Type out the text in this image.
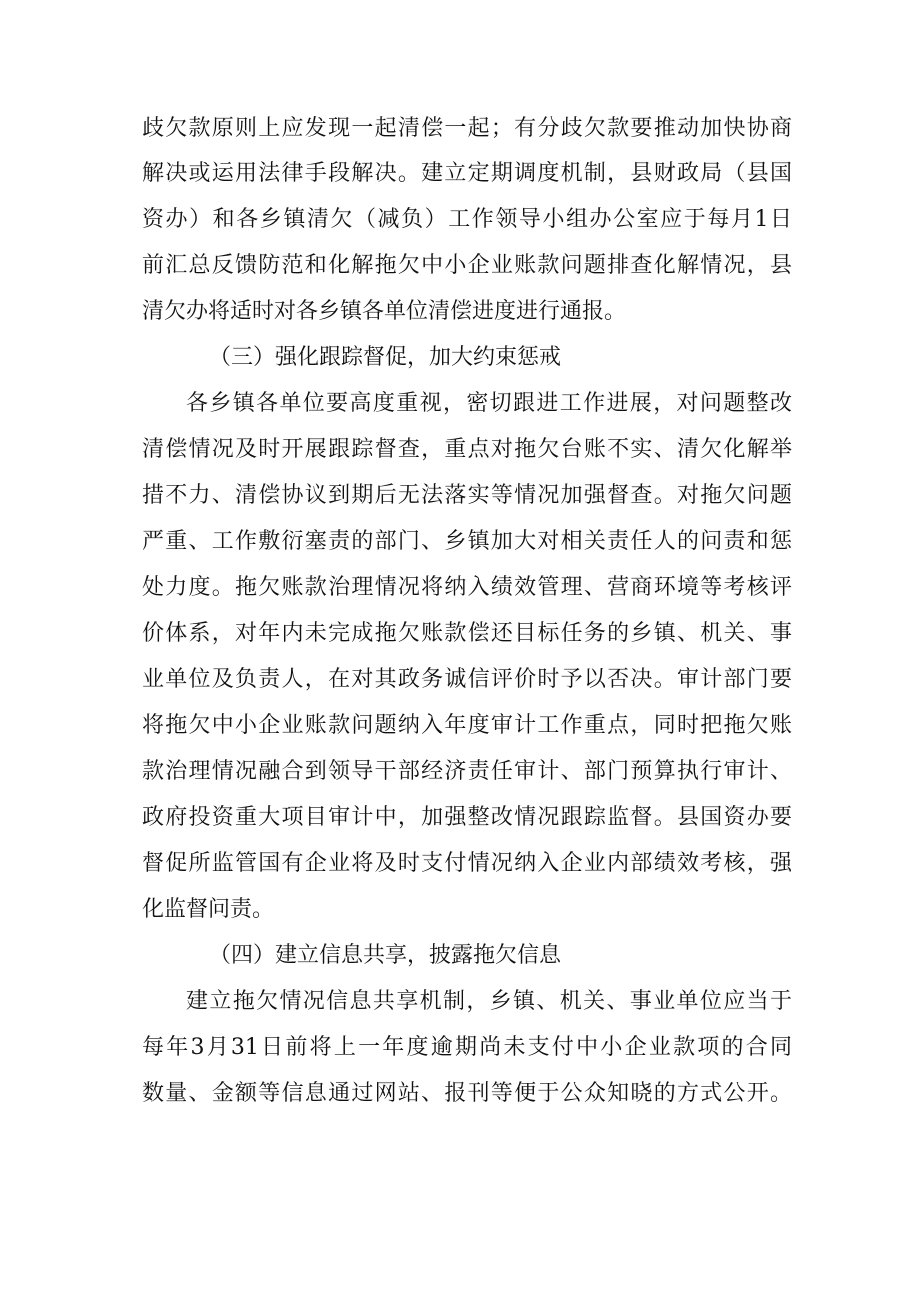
歧欠款原则上应发现一起清偿一起；有分歧欠款要推动加快协商
解决或运用法律手段解决。建立定期调度机制，县财政局（县国
资办）和各乡镇清欠（减负）工作领导小组办公室应于每月1日
前汇总反馈防范和化解拖欠中小企业账款问题排查化解情况，县
清欠办将适时对各乡镇各单位清偿进度进行通报。
（三）强化跟踪督促，加大约束惩戒
各乡镇各单位要高度重视，密切跟进工作进展，对问题整改
清偿情况及时开展跟踪督查，重点对拖欠台账不实、清欠化解举
措不力、清偿协议到期后无法落实等情况加强督查。对拖欠问题
严重、工作敷衍塞责的部门、乡镇加大对相关责任人的问责和惩
处力度。拖欠账款治理情况将纳入绩效管理、营商环境等考核评
价体系，对年内未完成拖欠账款偿还目标任务的乡镇、机关、事
业单位及负责人，在对其政务诚信评价时予以否决。审计部门要
将拖欠中小企业账款问题纳入年度审计工作重点，同时把拖欠账
款治理情况融合到领导干部经济责任审计、部门预算执行审计、
政府投资重大项目审计中，加强整改情况跟踪监督。县国资办要
督促所监管国有企业将及时支付情况纳入企业内部绩效考核，强
化监督问责。
（四）建立信息共享，披露拖欠信息
建立拖欠情况信息共享机制，乡镇、机关、事业单位应当于
每年3月31日前将上一年度逾期尚未支付中小企业款项的合同
数量、金额等信息通过网站、报刊等便于公众知晓的方式公开。
